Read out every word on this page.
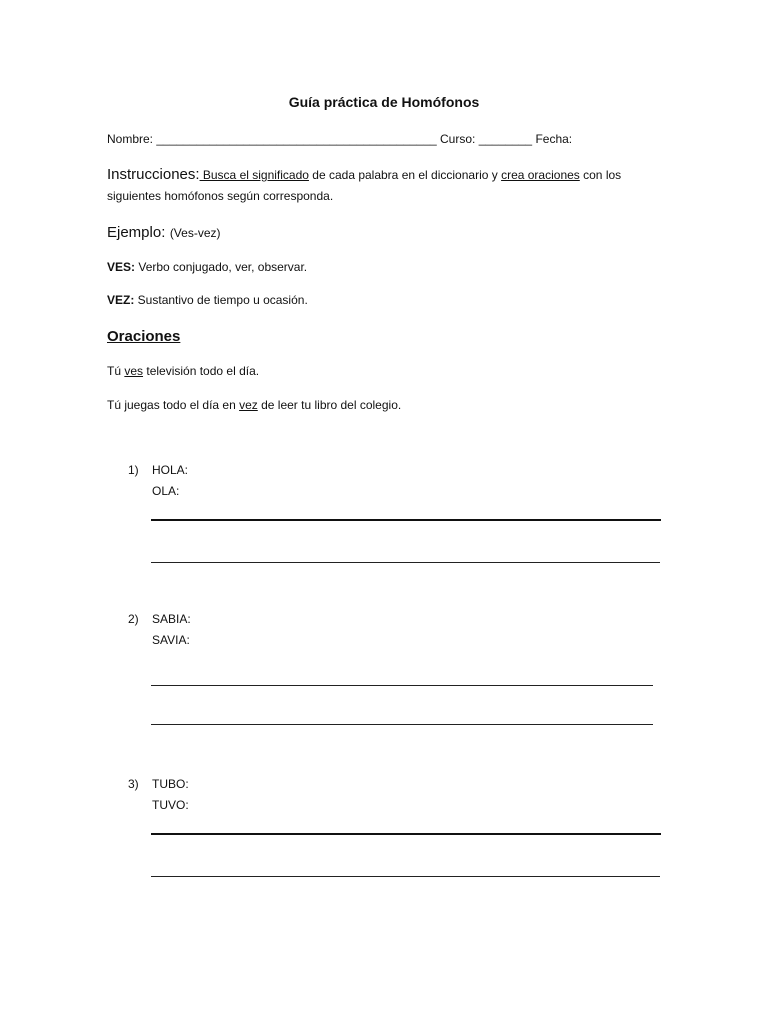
Guía práctica de Homófonos
Nombre: __________________________________________ Curso: ________ Fecha:
Instrucciones: Busca el significado de cada palabra en el diccionario y crea oraciones con los
siguientes homófonos según corresponda.
Ejemplo: (Ves-vez)
VES: Verbo conjugado, ver, observar.
VEZ: Sustantivo de tiempo u ocasión.
Oraciones
Tú ves televisión todo el día.
Tú juegas todo el día en vez de leer tu libro del colegio.
1) HOLA:
OLA:
2) SABIA:
SAVIA:
3) TUBO:
TUVO:
